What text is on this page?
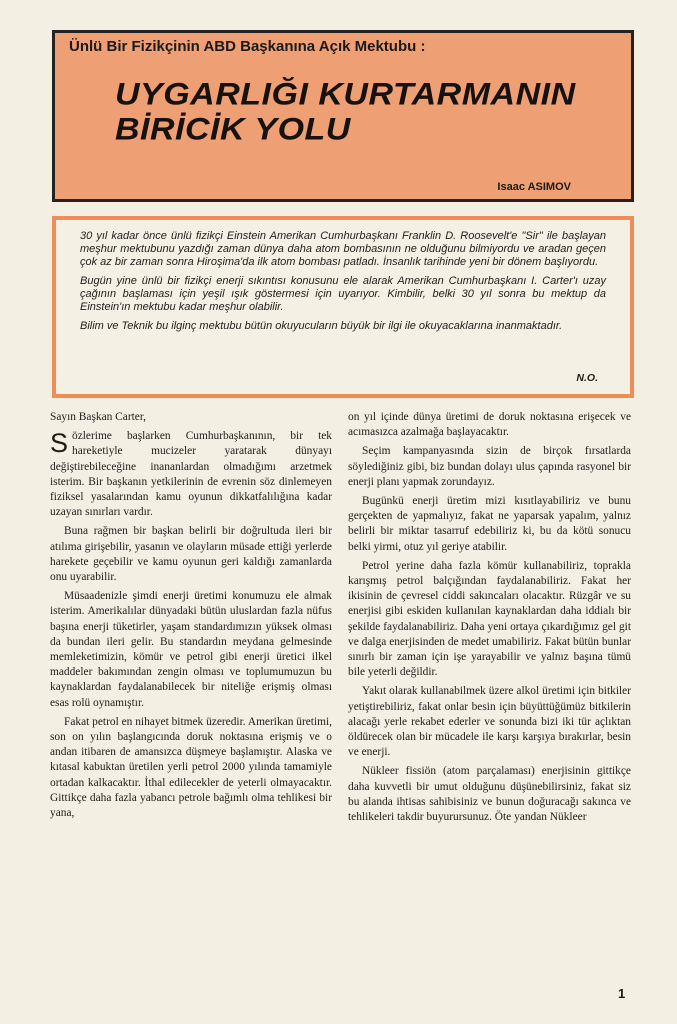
Ünlü Bir Fizikçinin ABD Başkanına Açık Mektubu :
UYGARLIĞI KURTARMANIN
BİRİCİK YOLU
Isaac ASIMOV

30 yıl kadar önce ünlü fizikçi Einstein Amerikan Cumhurbaşkanı Franklin D. Roosevelt'e "Sir" ile başlayan meşhur mektubunu yazdığı zaman dünya daha atom bombasının ne olduğunu bilmiyordu ve aradan geçen çok az bir zaman sonra Hiroşima'da ilk atom bombası patladı. İnsanlık tarihinde yeni bir dönem başlıyordu.

Bugün yine ünlü bir fizikçi enerji sıkıntısı konusunu ele alarak Amerikan Cumhurbaşkanı I. Carter'ı uzay çağının başlaması için yeşil ışık göstermesi için uyarıyor. Kimbilir, belki 30 yıl sonra bu mektup da Einstein'ın mektubu kadar meşhur olabilir.

Bilim ve Teknik bu ilginç mektubu bütün okuyucuların büyük bir ilgi ile okuyacaklarına inanmaktadır.

N.O.

Sayın Başkan Carter,

Sözlerime başlarken Cumhurbaşkanının, bir tek hareketiyle mucizeler yaratarak dünyayı değiştirebileceğine inananlardan olmadığımı arzetmek isterim. Bir başkanın yetkilerinin de evrenin söz dinlemeyen fiziksel yasalarından kamu oyunun dikkatfalılığına kadar uzayan sınırları vardır.

Buna rağmen bir başkan belirli bir doğrultuda ileri bir atılıma girişebilir, yasanın ve olayların müsade ettiği yerlerde harekete geçebilir ve kamu oyunun geri kaldığı zamanlarda onu uyarabilir.

Müsaadenizle şimdi enerji üretimi konumuzu ele almak isterim. Amerikalılar dünyadaki bütün uluslardan fazla nüfus başına enerji tüketirler, yaşam standardımızın yüksek olması da bundan ileri gelir. Bu standardın meydana gelmesinde memleketimizin, kömür ve petrol gibi enerji üretici ilkel maddeler bakımından zengin olması ve toplumumuzun bu kaynaklardan faydalanabilecek bir niteliğe erişmiş olması esas rolü oynamıştır.

Fakat petrol en nihayet bitmek üzeredir. Amerikan üretimi, son on yılın başlangıcında doruk noktasına erişmiş ve o andan itibaren de amansızca düşmeye başlamıştır. Alaska ve kıtasal kabuktan üretilen yerli petrol 2000 yılında tamamiyle ortadan kalkacaktır. İthal edilecekler de yeterli olmayacaktır. Gittikçe daha fazla yabancı petrole bağımlı olma tehlikesi bir yana,

on yıl içinde dünya üretimi de doruk noktasına erişecek ve acımasızca azalmağa başlayacaktır.

Seçim kampanyasında sizin de birçok fırsatlarda söylediğiniz gibi, biz bundan dolayı ulus çapında rasyonel bir enerji planı yapmak zorundayız.

Bugünkü enerji üretim mizi kısıtlayabiliriz ve bunu gerçekten de yapmalıyız, fakat ne yaparsak yapalım, yalnız belirli bir miktar tasarruf edebiliriz ki, bu da kötü sonucu belki yirmi, otuz yıl geriye atabilir.

Petrol yerine daha fazla kömür kullanabiliriz, toprakla karışmış petrol balçığından faydalanabiliriz. Fakat her ikisinin de çevresel ciddi sakıncaları olacaktır. Rüzgâr ve su enerjisi gibi eskiden kullanılan kaynaklardan daha iddialı bir şekilde faydalanabiliriz. Daha yeni ortaya çıkardığımız gel git ve dalga enerjisinden de medet umabiliriz. Fakat bütün bunlar sınırlı bir zaman için işe yarayabilir ve yalnız başına tümü bile yeterli değildir.

Yakıt olarak kullanabilmek üzere alkol üretimi için bitkiler yetiştirebiliriz, fakat onlar besin için büyüttüğümüz bitkilerin alacağı yerle rekabet ederler ve sonunda bizi iki tür açlıktan öldürecek olan bir mücadele ile karşı karşıya bırakırlar, besin ve enerji.

Nükleer fissiön (atom parçalaması) enerjisinin gittikçe daha kuvvetli bir umut olduğunu düşünebilirsiniz, fakat siz bu alanda ihtisas sahibisiniz ve bunun doğuracağı sakınca ve tehlikeleri takdir buyurursunuz. Öte yandan Nükleer

1
